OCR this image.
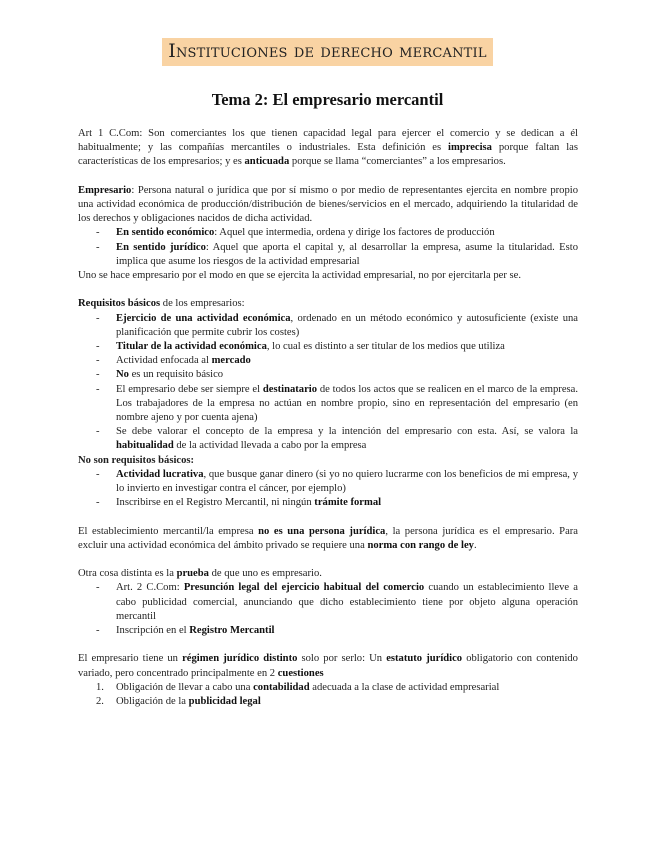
Instituciones de derecho mercantil
Tema 2: El empresario mercantil

Art 1 C.Com: Son comerciantes los que tienen capacidad legal para ejercer el comercio y se dedican a él habitualmente; y las compañías mercantiles o industriales. Esta definición es imprecisa porque faltan las características de los empresarios; y es anticuada porque se llama “comerciantes” a los empresarios.

Empresario: Persona natural o jurídica que por sí mismo o por medio de representantes ejercita en nombre propio una actividad económica de producción/distribución de bienes/servicios en el mercado, adquiriendo la titularidad de los derechos y obligaciones nacidos de dicha actividad.

- En sentido económico: Aquel que intermedia, ordena y dirige los factores de producción
- En sentido jurídico: Aquel que aporta el capital y, al desarrollar la empresa, asume la titularidad. Esto implica que asume los riesgos de la actividad empresarial

Uno se hace empresario por el modo en que se ejercita la actividad empresarial, no por ejercitarla per se.

Requisitos básicos de los empresarios:

- Ejercicio de una actividad económica, ordenado en un método económico y autosuficiente (existe una planificación que permite cubrir los costes)
- Titular de la actividad económica, lo cual es distinto a ser titular de los medios que utiliza
- Actividad enfocada al mercado
- No es un requisito básico
- El empresario debe ser siempre el destinatario de todos los actos que se realicen en el marco de la empresa. Los trabajadores de la empresa no actúan en nombre propio, sino en representación del empresario (en nombre ajeno y por cuenta ajena)
- Se debe valorar el concepto de la empresa y la intención del empresario con esta. Así, se valora la habitualidad de la actividad llevada a cabo por la empresa

No son requisitos básicos:

- Actividad lucrativa, que busque ganar dinero (si yo no quiero lucrarme con los beneficios de mi empresa, y lo invierto en investigar contra el cáncer, por ejemplo)
- Inscribirse en el Registro Mercantil, ni ningún trámite formal

El establecimiento mercantil/la empresa no es una persona jurídica, la persona jurídica es el empresario. Para excluir una actividad económica del ámbito privado se requiere una norma con rango de ley.

Otra cosa distinta es la prueba de que uno es empresario.

- Art. 2 C.Com: Presunción legal del ejercicio habitual del comercio cuando un establecimiento lleve a cabo publicidad comercial, anunciando que dicho establecimiento tiene por objeto alguna operación mercantil
- Inscripción en el Registro Mercantil

El empresario tiene un régimen jurídico distinto solo por serlo: Un estatuto jurídico obligatorio con contenido variado, pero concentrado principalmente en 2 cuestiones

1. Obligación de llevar a cabo una contabilidad adecuada a la clase de actividad empresarial
2. Obligación de la publicidad legal
